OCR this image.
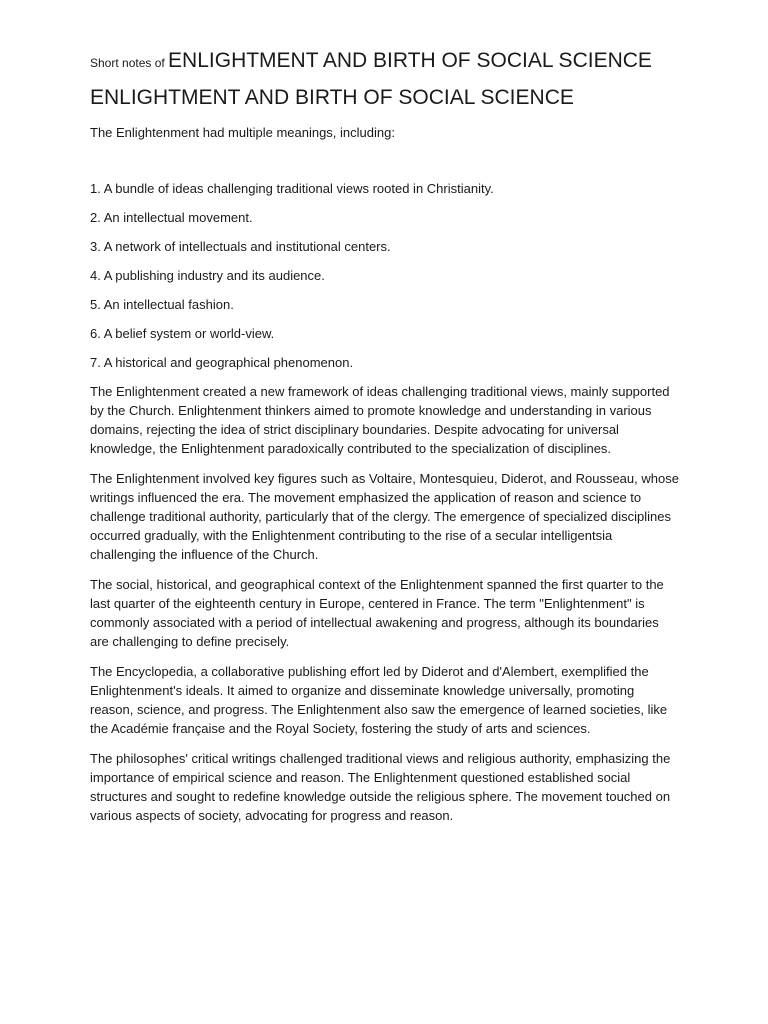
Short notes of ENLIGHTMENT AND BIRTH OF SOCIAL SCIENCE
ENLIGHTMENT AND BIRTH OF SOCIAL SCIENCE

The Enlightenment had multiple meanings, including:

1. A bundle of ideas challenging traditional views rooted in Christianity.
2. An intellectual movement.
3. A network of intellectuals and institutional centers.
4. A publishing industry and its audience.
5. An intellectual fashion.
6. A belief system or world-view.
7. A historical and geographical phenomenon.

The Enlightenment created a new framework of ideas challenging traditional views, mainly supported by the Church. Enlightenment thinkers aimed to promote knowledge and understanding in various domains, rejecting the idea of strict disciplinary boundaries. Despite advocating for universal knowledge, the Enlightenment paradoxically contributed to the specialization of disciplines.

The Enlightenment involved key figures such as Voltaire, Montesquieu, Diderot, and Rousseau, whose writings influenced the era. The movement emphasized the application of reason and science to challenge traditional authority, particularly that of the clergy. The emergence of specialized disciplines occurred gradually, with the Enlightenment contributing to the rise of a secular intelligentsia challenging the influence of the Church.

The social, historical, and geographical context of the Enlightenment spanned the first quarter to the last quarter of the eighteenth century in Europe, centered in France. The term "Enlightenment" is commonly associated with a period of intellectual awakening and progress, although its boundaries are challenging to define precisely.

The Encyclopedia, a collaborative publishing effort led by Diderot and d'Alembert, exemplified the Enlightenment's ideals. It aimed to organize and disseminate knowledge universally, promoting reason, science, and progress. The Enlightenment also saw the emergence of learned societies, like the Académie française and the Royal Society, fostering the study of arts and sciences.

The philosophes' critical writings challenged traditional views and religious authority, emphasizing the importance of empirical science and reason. The Enlightenment questioned established social structures and sought to redefine knowledge outside the religious sphere. The movement touched on various aspects of society, advocating for progress and reason.
